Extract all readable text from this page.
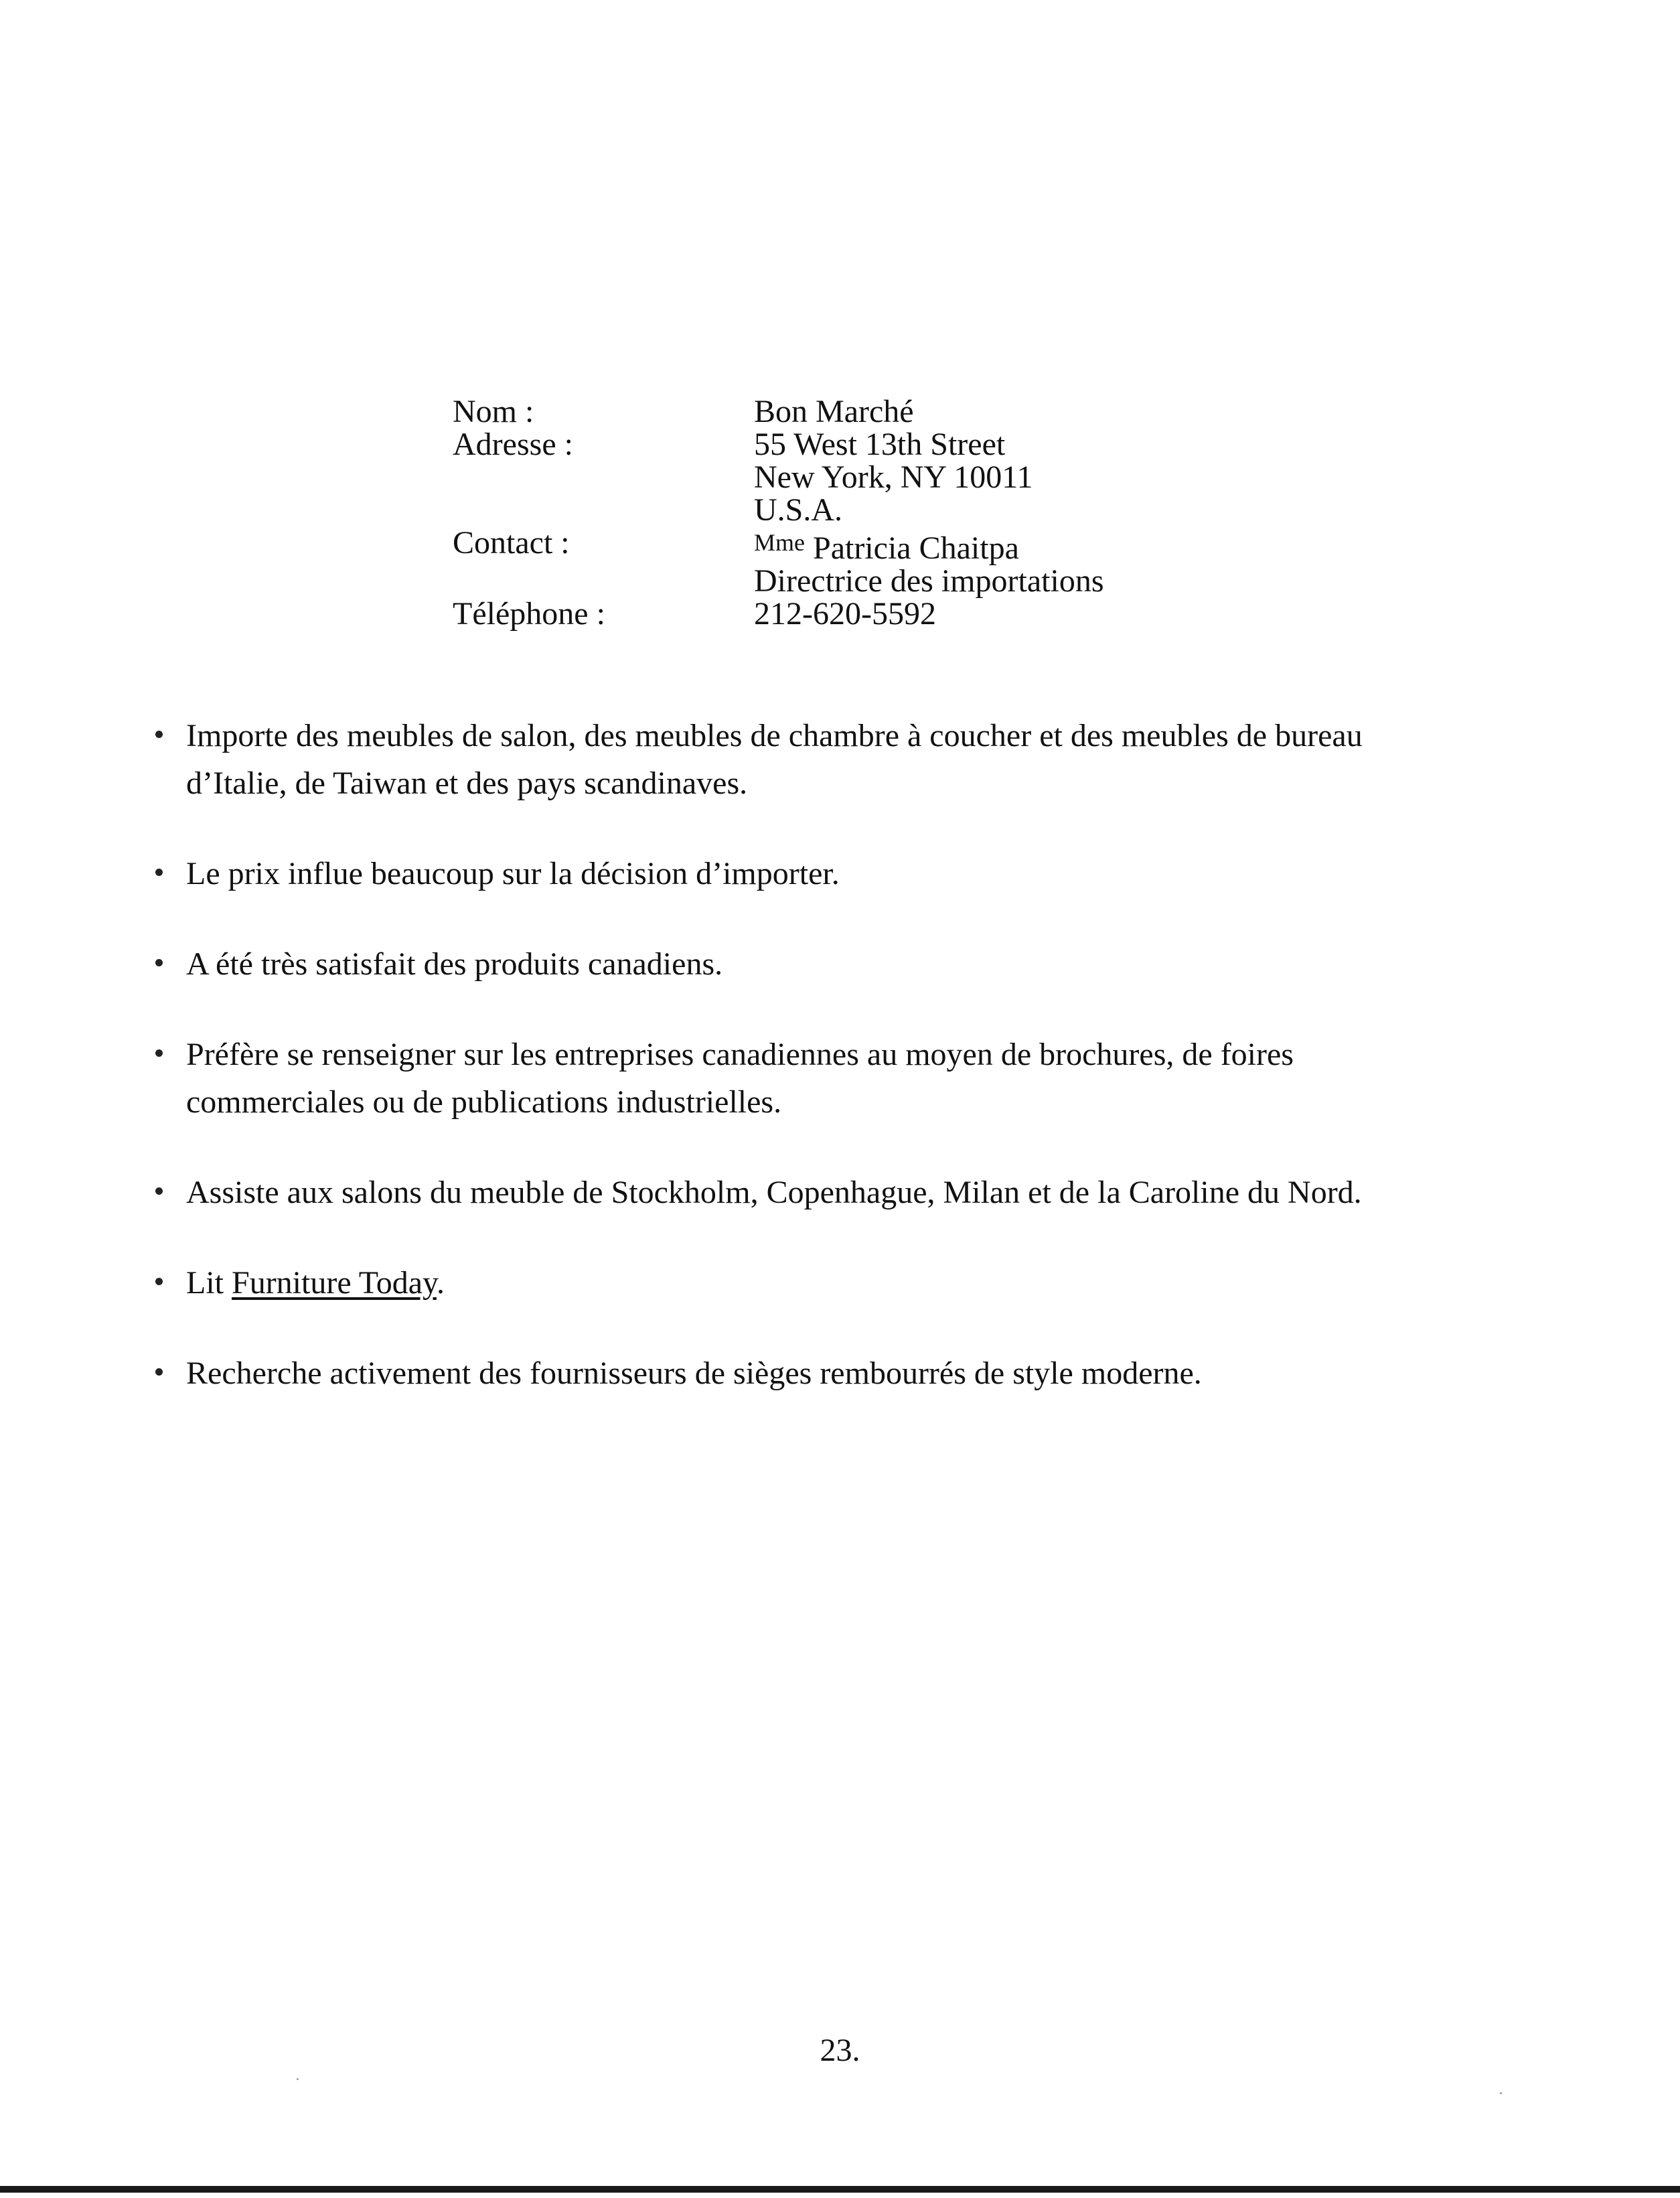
Nom :	Bon Marché
Adresse :	55 West 13th Street
New York, NY 10011
U.S.A.
Contact :	$^{Mme}$ Patricia Chaitpa
Directrice des importations
Téléphone :	212-620-5592
Importe des meubles de salon, des meubles de chambre à coucher et des meubles de bureau
d’Italie, de Taiwan et des pays scandinaves.
Le prix influe beaucoup sur la décision d’importer.
A été très satisfait des produits canadiens.
Préfère se renseigner sur les entreprises canadiennes au moyen de brochures, de foires
commerciales ou de publications industrielles.
Assiste aux salons du meuble de Stockholm, Copenhague, Milan et de la Caroline du Nord.
Lit Furniture Today.
Recherche activement des fournisseurs de sièges rembourrés de style moderne.
23.
